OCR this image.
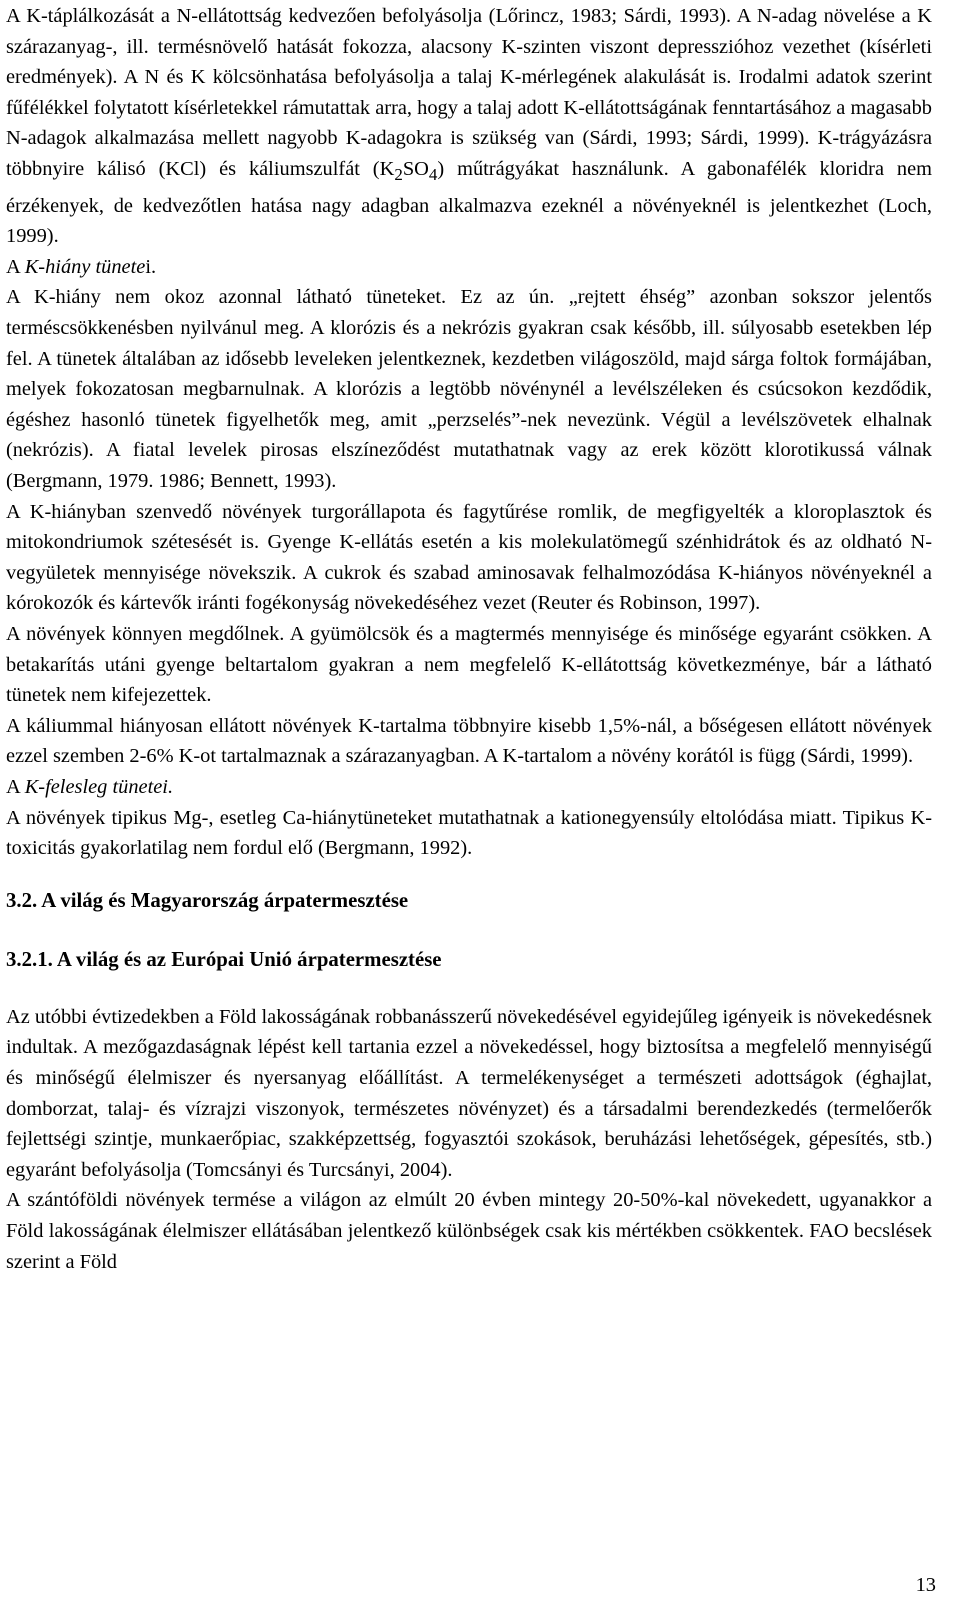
A K-táplálkozását a N-ellátottság kedvezően befolyásolja (Lőrincz, 1983; Sárdi, 1993). A N-adag növelése a K szárazanyag-, ill. termésnövelő hatását fokozza, alacsony K-szinten viszont depresszióhoz vezethet (kísérleti eredmények). A N és K kölcsönhatása befolyásolja a talaj K-mérlegének alakulását is. Irodalmi adatok szerint fűfélékkel folytatott kísérletekkel rámutattak arra, hogy a talaj adott K-ellátottságának fenntartásához a magasabb N-adagok alkalmazása mellett nagyobb K-adagokra is szükség van (Sárdi, 1993; Sárdi, 1999). K-trágyázásra többnyire kálisó (KCl) és káliumszulfát $(K_2SO_4)$ műtrágyákat használunk. A gabonafélék kloridra nem érzékenyek, de kedvezőtlen hatása nagy adagban alkalmazva ezeknél a növényeknél is jelentkezhet (Loch, 1999).

A K-hiány tünetei.

A K-hiány nem okoz azonnal látható tüneteket. Ez az ún. „rejtett éhség” azonban sokszor jelentős terméscsökkenésben nyilvánul meg. A klorózis és a nekrózis gyakran csak később, ill. súlyosabb esetekben lép fel. A tünetek általában az idősebb leveleken jelentkeznek, kezdetben világoszöld, majd sárga foltok formájában, melyek fokozatosan megbarnulnak. A klorózis a legtöbb növénynél a levélszéleken és csúcsokon kezdődik, égéshez hasonló tünetek figyelhetők meg, amit „perzselés”-nek nevezünk. Végül a levélszövetek elhalnak (nekrózis). A fiatal levelek pirosas elszíneződést mutathatnak vagy az erek között klorotikussá válnak (Bergmann, 1979. 1986; Bennett, 1993).

A K-hiányban szenvedő növények turgorállapota és fagytűrése romlik, de megfigyelték a kloroplasztok és mitokondriumok szétesését is. Gyenge K-ellátás esetén a kis molekulatömegű szénhidrátok és az oldható N-vegyületek mennyisége növekszik. A cukrok és szabad aminosavak felhalmozódása K-hiányos növényeknél a kórokozók és kártevők iránti fogékonyság növekedéséhez vezet (Reuter és Robinson, 1997).

A növények könnyen megdőlnek. A gyümölcsök és a magtermés mennyisége és minősége egyaránt csökken. A betakarítás utáni gyenge beltartalom gyakran a nem megfelelő K-ellátottság következménye, bár a látható tünetek nem kifejezettek.

A káliummal hiányosan ellátott növények K-tartalma többnyire kisebb 1,5%-nál, a bőségesen ellátott növények ezzel szemben 2-6% K-ot tartalmaznak a szárazanyagban. A K-tartalom a növény korától is függ (Sárdi, 1999).

A K-felesleg tünetei.

A növények tipikus Mg-, esetleg Ca-hiánytüneteket mutathatnak a kationegyensúly eltolódása miatt. Tipikus K-toxicitás gyakorlatilag nem fordul elő (Bergmann, 1992).

3.2. A világ és Magyarország árpatermesztése

3.2.1. A világ és az Európai Unió árpatermesztése

Az utóbbi évtizedekben a Föld lakosságának robbanásszerű növekedésével egyidejűleg igényeik is növekedésnek indultak. A mezőgazdaságnak lépést kell tartania ezzel a növekedéssel, hogy biztosítsa a megfelelő mennyiségű és minőségű élelmiszer és nyersanyag előállítást. A termelékenységet a természeti adottságok (éghajlat, domborzat, talaj- és vízrajzi viszonyok, természetes növényzet) és a társadalmi berendezkedés (termelőerők fejlettségi szintje, munkaerőpiac, szakképzettség, fogyasztói szokások, beruházási lehetőségek, gépesítés, stb.) egyaránt befolyásolja (Tomcsányi és Turcsányi, 2004).

A szántóföldi növények termése a világon az elmúlt 20 évben mintegy 20-50%-kal növekedett, ugyanakkor a Föld lakosságának élelmiszer ellátásában jelentkező különbségek csak kis mértékben csökkentek. FAO becslések szerint a Föld

13
